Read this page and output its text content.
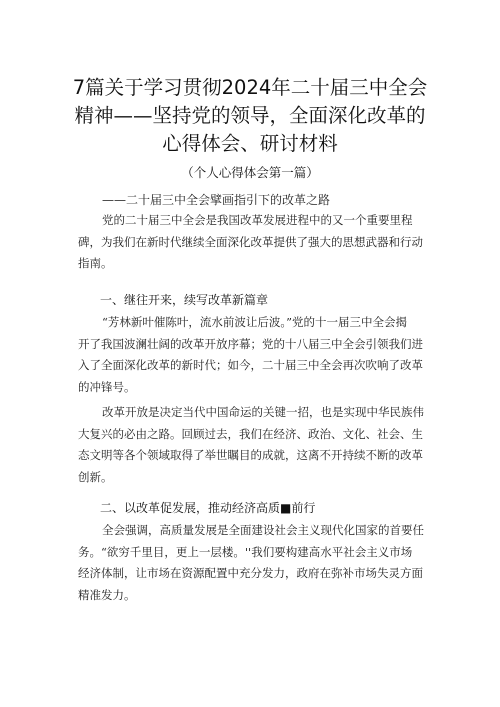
7篇关于学习贯彻2024年二十届三中全会
精神——坚持党的领导，全面深化改革的
心得体会、研讨材料

（个人心得体会第一篇）

——二十届三中全会擘画指引下的改革之路

党的二十届三中全会是我国改革发展进程中的又一个重要里程
碑，为我们在新时代继续全面深化改革提供了强大的思想武器和行动
指南。

一、继往开来，续写改革新篇章

“芳林新叶催陈叶，流水前波让后波。”党的十一届三中全会揭
开了我国波澜壮阔的改革开放序幕；党的十八届三中全会引领我们进
入了全面深化改革的新时代；如今，二十届三中全会再次吹响了改革
的冲锋号。

改革开放是决定当代中国命运的关键一招，也是实现中华民族伟
大复兴的必由之路。回顾过去，我们在经济、政治、文化、社会、生
态文明等各个领域取得了举世瞩目的成就，这离不开持续不断的改革
创新。

二、以改革促发展，推动经济高质■前行

全会强调，高质量发展是全面建设社会主义现代化国家的首要任
务。“欲穷千里目，更上一层楼。''我们要构建高水平社会主义市场
经济体制，让市场在资源配置中充分发力，政府在弥补市场失灵方面
精准发力。
